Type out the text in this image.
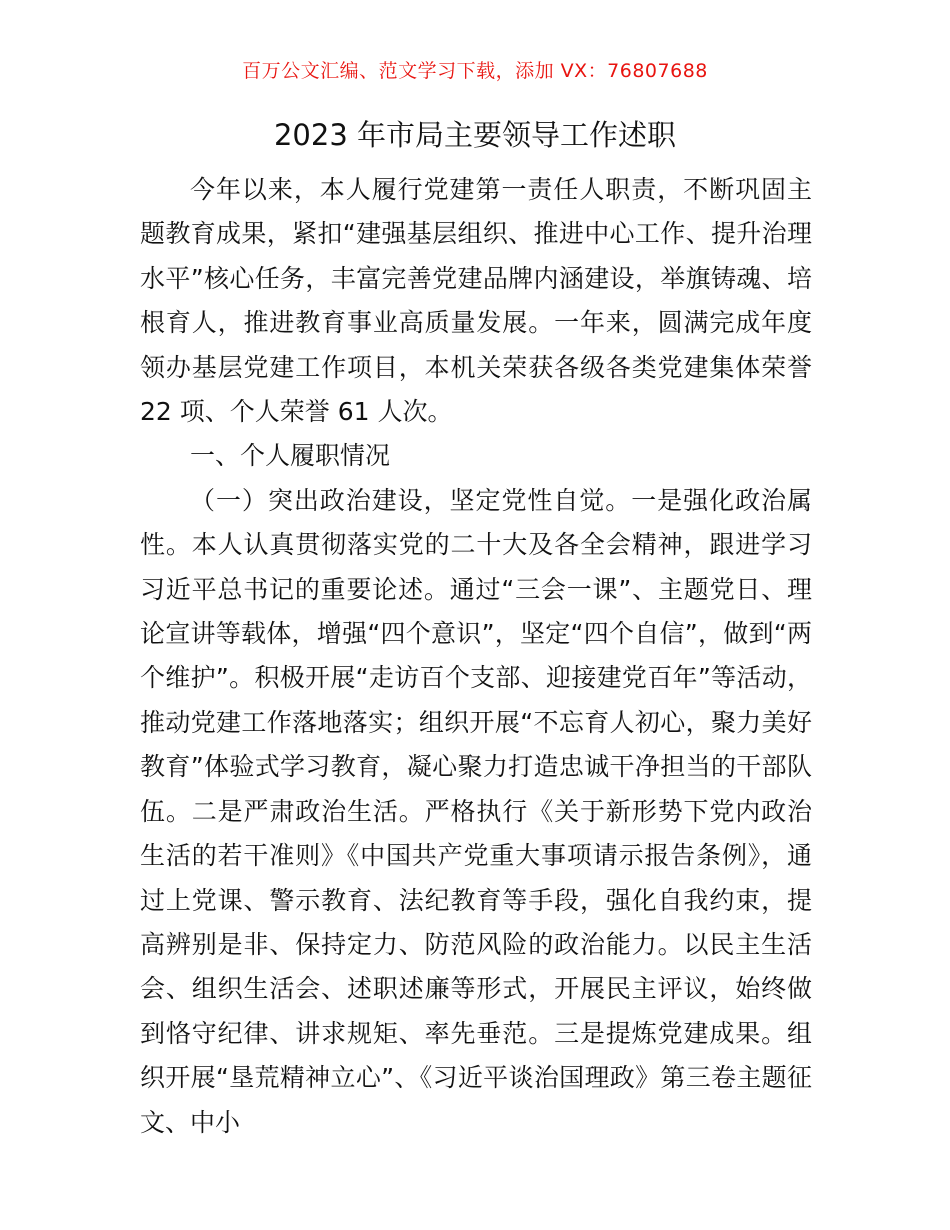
百万公文汇编、范文学习下载，添加 VX：76807688
2023 年市局主要领导工作述职

今年以来，本人履行党建第一责任人职责，不断巩固主题教育成果，紧扣“建强基层组织、推进中心工作、提升治理水平”核心任务，丰富完善党建品牌内涵建设，举旗铸魂、培根育人，推进教育事业高质量发展。一年来，圆满完成年度领办基层党建工作项目，本机关荣获各级各类党建集体荣誉 22 项、个人荣誉 61 人次。

一、个人履职情况

（一）突出政治建设，坚定党性自觉。一是强化政治属性。本人认真贯彻落实党的二十大及各全会精神，跟进学习习近平总书记的重要论述。通过“三会一课”、主题党日、理论宣讲等载体，增强“四个意识”，坚定“四个自信”，做到“两个维护”。积极开展“走访百个支部、迎接建党百年”等活动，推动党建工作落地落实；组织开展“不忘育人初心，聚力美好教育”体验式学习教育，凝心聚力打造忠诚干净担当的干部队伍。二是严肃政治生活。严格执行《关于新形势下党内政治生活的若干准则》《中国共产党重大事项请示报告条例》，通过上党课、警示教育、法纪教育等手段，强化自我约束，提高辨别是非、保持定力、防范风险的政治能力。以民主生活会、组织生活会、述职述廉等形式，开展民主评议，始终做到恪守纪律、讲求规矩、率先垂范。三是提炼党建成果。组织开展“垦荒精神立心”、《习近平谈治国理政》第三卷主题征文、中小
